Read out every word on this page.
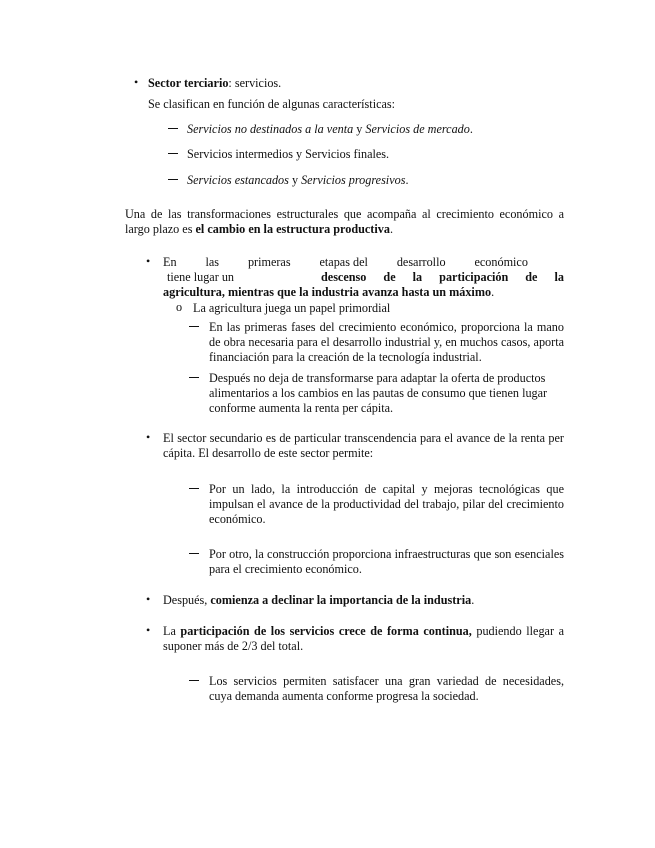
• Sector terciario: servicios.
Se clasifican en función de algunas características:
Servicios no destinados a la venta y Servicios de mercado.
Servicios intermedios y Servicios finales.
Servicios estancados y Servicios progresivos.
Una de las transformaciones estructurales que acompaña al crecimiento económico a largo plazo es el cambio en la estructura productiva.
• En las primeras etapas del desarrollo económico
tiene lugar un	descenso de la participación de la
agricultura, mientras que la industria avanza hasta un máximo.
o La agricultura juega un papel primordial
En las primeras fases del crecimiento económico, proporciona la mano de obra necesaria para el desarrollo industrial y, en muchos casos, aporta financiación para la creación de la tecnología industrial.
Después no deja de transformarse para adaptar la oferta de productos alimentarios a los cambios en las pautas de consumo que tienen lugar conforme aumenta la renta per cápita.
• El sector secundario es de particular transcendencia para el avance de la renta per cápita. El desarrollo de este sector permite:
Por un lado, la introducción de capital y mejoras tecnológicas que impulsan el avance de la productividad del trabajo, pilar del crecimiento económico.
Por otro, la construcción proporciona infraestructuras que son esenciales para el crecimiento económico.
• Después, comienza a declinar la importancia de la industria.
• La participación de los servicios crece de forma continua, pudiendo llegar a suponer más de 2/3 del total.
Los servicios permiten satisfacer una gran variedad de necesidades, cuya demanda aumenta conforme progresa la sociedad.
